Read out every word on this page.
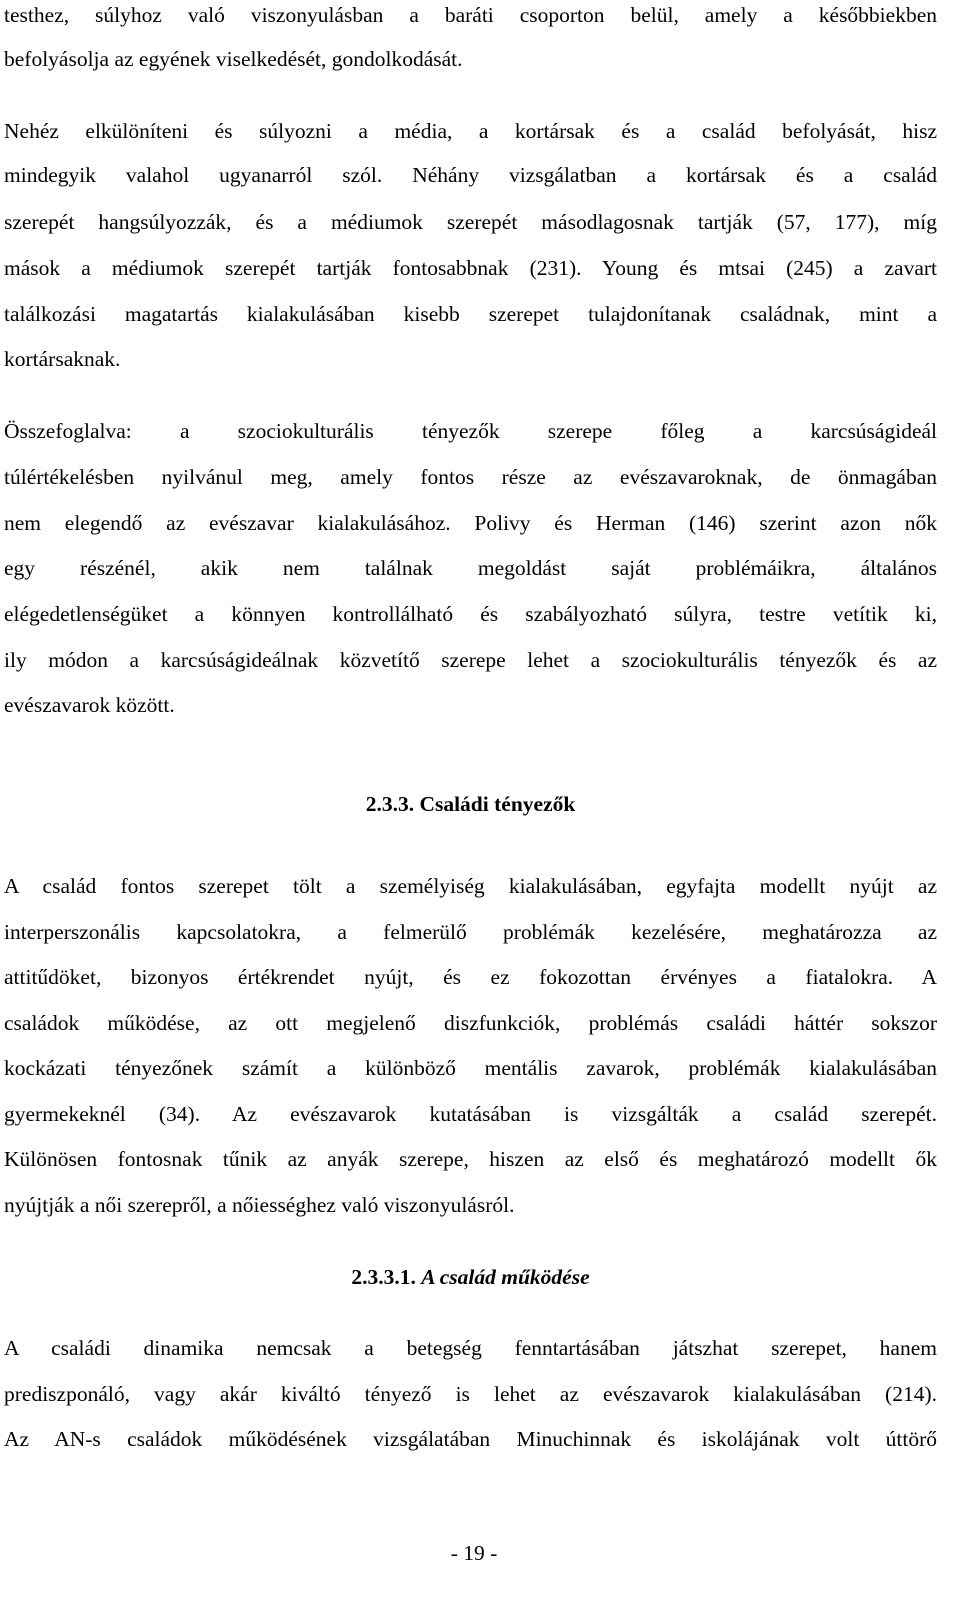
testhez, súlyhoz való viszonyulásban a baráti csoporton belül, amely a későbbiekben
befolyásolja az egyének viselkedését, gondolkodását.
Nehéz elkülöníteni és súlyozni a média, a kortársak és a család befolyását, hisz
mindegyik valahol ugyanarról szól. Néhány vizsgálatban a kortársak és a család
szerepét hangsúlyozzák, és a médiumok szerepét másodlagosnak tartják (57, 177), míg
mások a médiumok szerepét tartják fontosabbnak (231). Young és mtsai (245) a zavart
találkozási magatartás kialakulásában kisebb szerepet tulajdonítanak családnak, mint a
kortársaknak.
Összefoglalva: a szociokulturális tényezők szerepe főleg a karcsúságideál
túlértékelésben nyilvánul meg, amely fontos része az evészavaroknak, de önmagában
nem elegendő az evészavar kialakulásához. Polivy és Herman (146) szerint azon nők
egy részénél, akik nem találnak megoldást saját problémáikra, általános
elégedetlenségüket a könnyen kontrollálható és szabályozható súlyra, testre vetítik ki,
ily módon a karcsúságideálnak közvetítő szerepe lehet a szociokulturális tényezők és az
evészavarok között.
2.3.3. Családi tényezők
A család fontos szerepet tölt a személyiség kialakulásában, egyfajta modellt nyújt az
interperszonális kapcsolatokra, a felmerülő problémák kezelésére, meghatározza az
attitűdöket, bizonyos értékrendet nyújt, és ez fokozottan érvényes a fiatalokra. A
családok működése, az ott megjelenő diszfunkciók, problémás családi háttér sokszor
kockázati tényezőnek számít a különböző mentális zavarok, problémák kialakulásában
gyermekeknél (34). Az evészavarok kutatásában is vizsgálták a család szerepét.
Különösen fontosnak tűnik az anyák szerepe, hiszen az első és meghatározó modellt ők
nyújtják a női szerepről, a nőiességhez való viszonyulásról.
2.3.3.1. A család működése
A családi dinamika nemcsak a betegség fenntartásában játszhat szerepet, hanem
prediszponáló, vagy akár kiváltó tényező is lehet az evészavarok kialakulásában (214).
Az AN-s családok működésének vizsgálatában Minuchinnak és iskolájának volt úttörő
- 19 -
